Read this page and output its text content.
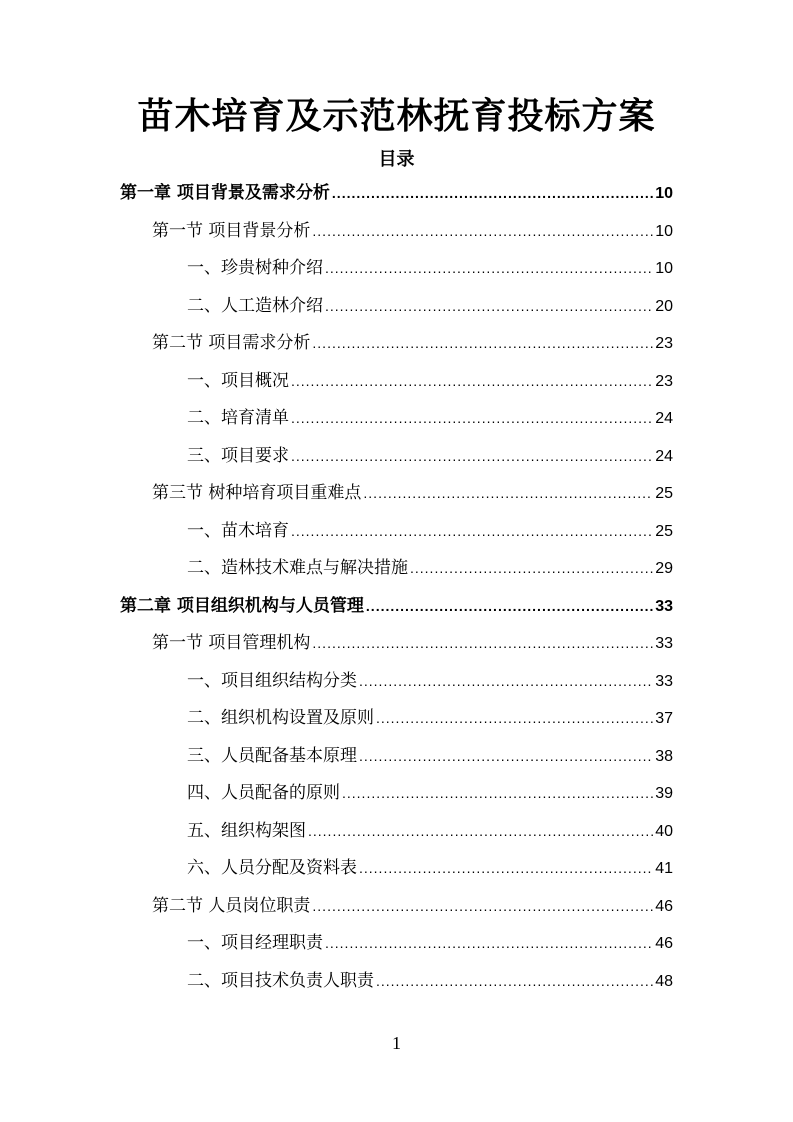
苗木培育及示范林抚育投标方案
目录
第一章 项目背景及需求分析 .....	10
第一节 项目背景分析 .....	10
一、珍贵树种介绍 .....	10
二、人工造林介绍 .....	20
第二节 项目需求分析 .....	23
一、项目概况 .....	23
二、培育清单 .....	24
三、项目要求 .....	24
第三节 树种培育项目重难点 .....	25
一、苗木培育 .....	25
二、造林技术难点与解决措施 .....	29
第二章 项目组织机构与人员管理 .....	33
第一节 项目管理机构 .....	33
一、项目组织结构分类 .....	33
二、组织机构设置及原则 .....	37
三、人员配备基本原理 .....	38
四、人员配备的原则 .....	39
五、组织构架图 .....	40
六、人员分配及资料表 .....	41
第二节 人员岗位职责 .....	46
一、项目经理职责 .....	46
二、项目技术负责人职责 .....	48
1
